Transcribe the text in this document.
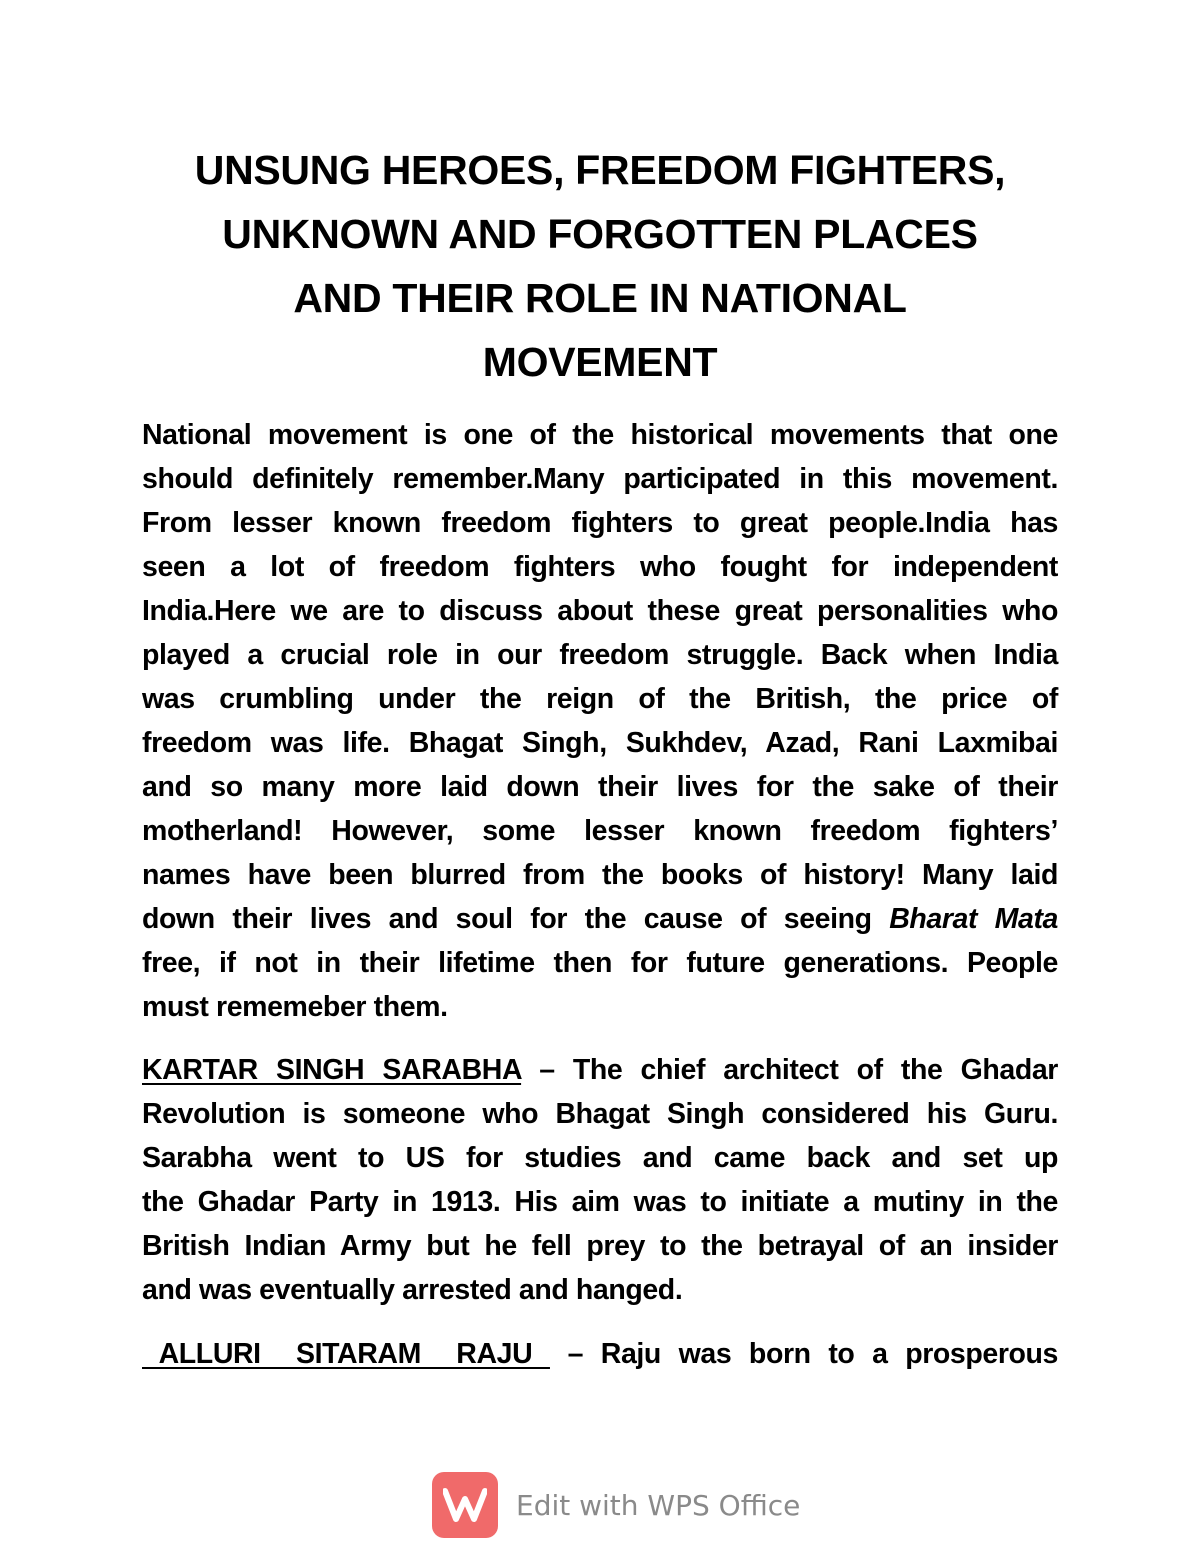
UNSUNG HEROES, FREEDOM FIGHTERS,
UNKNOWN AND FORGOTTEN PLACES
AND THEIR ROLE IN NATIONAL
MOVEMENT
National movement is one of the historical movements that one
should definitely remember.Many participated in this movement.
From lesser known freedom fighters to great people.India has
seen a lot of freedom fighters who fought for independent
India.Here we are to discuss about these great personalities who
played a crucial role in our freedom struggle. Back when India
was crumbling under the reign of the British, the price of
freedom was life. Bhagat Singh, Sukhdev, Azad, Rani Laxmibai
and so many more laid down their lives for the sake of their
motherland! However, some lesser known freedom fighters’
names have been blurred from the books of history! Many laid
down their lives and soul for the cause of seeing Bharat Mata
free, if not in their lifetime then for future generations. People
must rememeber them.
KARTAR SINGH SARABHA – The chief architect of the Ghadar
Revolution is someone who Bhagat Singh considered his Guru.
Sarabha went to US for studies and came back and set up
the Ghadar Party in 1913. His aim was to initiate a mutiny in the
British Indian Army but he fell prey to the betrayal of an insider
and was eventually arrested and hanged.
ALLURI  SITARAM  RAJU  – Raju was born to a prosperous
Edit with WPS Office
